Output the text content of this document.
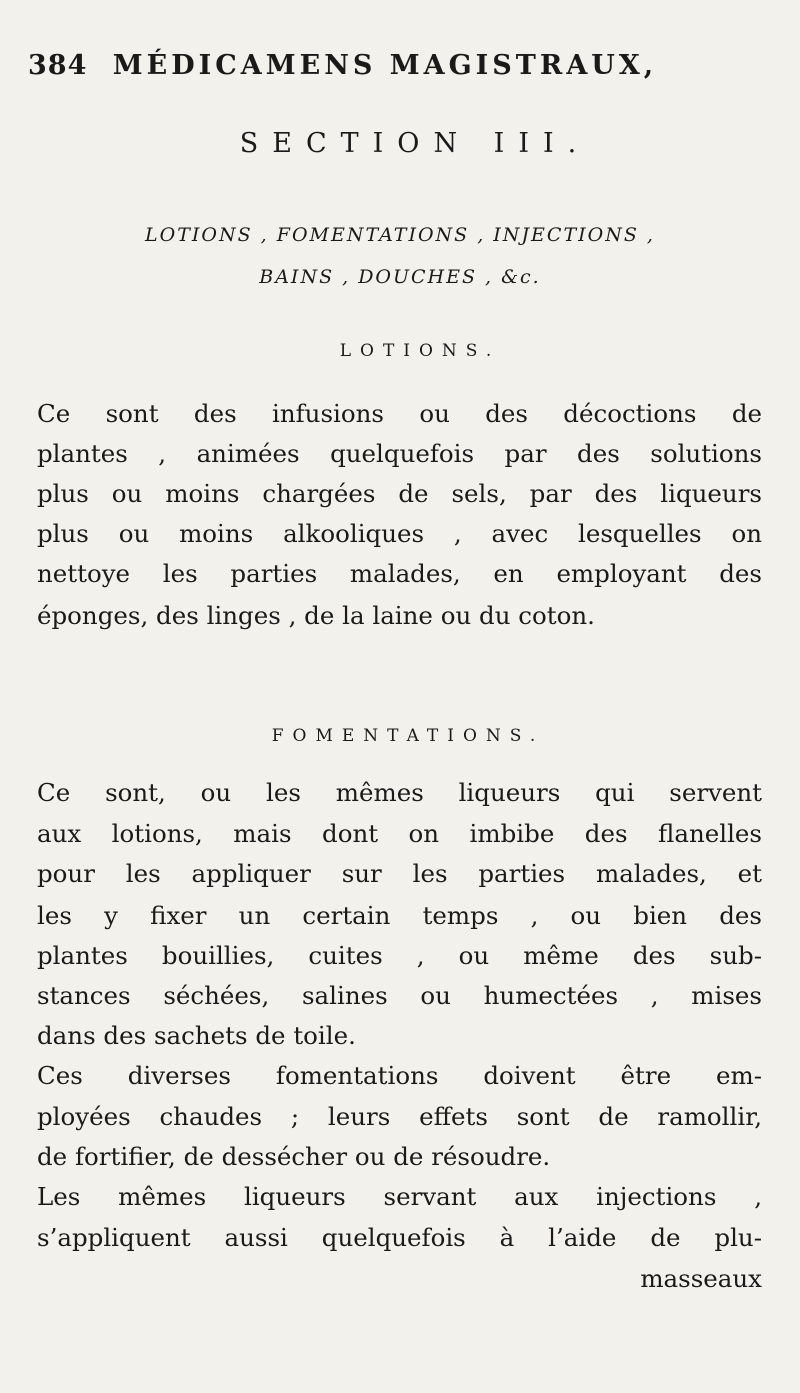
384 MÉDICAMENS MAGISTRAUX,
SECTION III.
LOTIONS , FOMENTATIONS , INJECTIONS ,
BAINS , DOUCHES , &c.
LOTIONS.
Ce sont des infusions ou des décoctions de
plantes , animées quelquefois par des solutions
plus ou moins chargées de sels, par des liqueurs
plus ou moins alkooliques , avec lesquelles on
nettoye les parties malades, en employant des
éponges, des linges , de la laine ou du coton.
FOMENTATIONS.
Ce sont, ou les mêmes liqueurs qui servent
aux lotions, mais dont on imbibe des flanelles
pour les appliquer sur les parties malades, et
les y fixer un certain temps , ou bien des
plantes bouillies, cuites , ou même des sub-
stances séchées, salines ou humectées , mises
dans des sachets de toile.
Ces diverses fomentations doivent être em-
ployées chaudes ; leurs effets sont de ramollir,
de fortifier, de dessécher ou de résoudre.
Les mêmes liqueurs servant aux injections ,
s’appliquent aussi quelquefois à l’aide de plu-
masseaux
